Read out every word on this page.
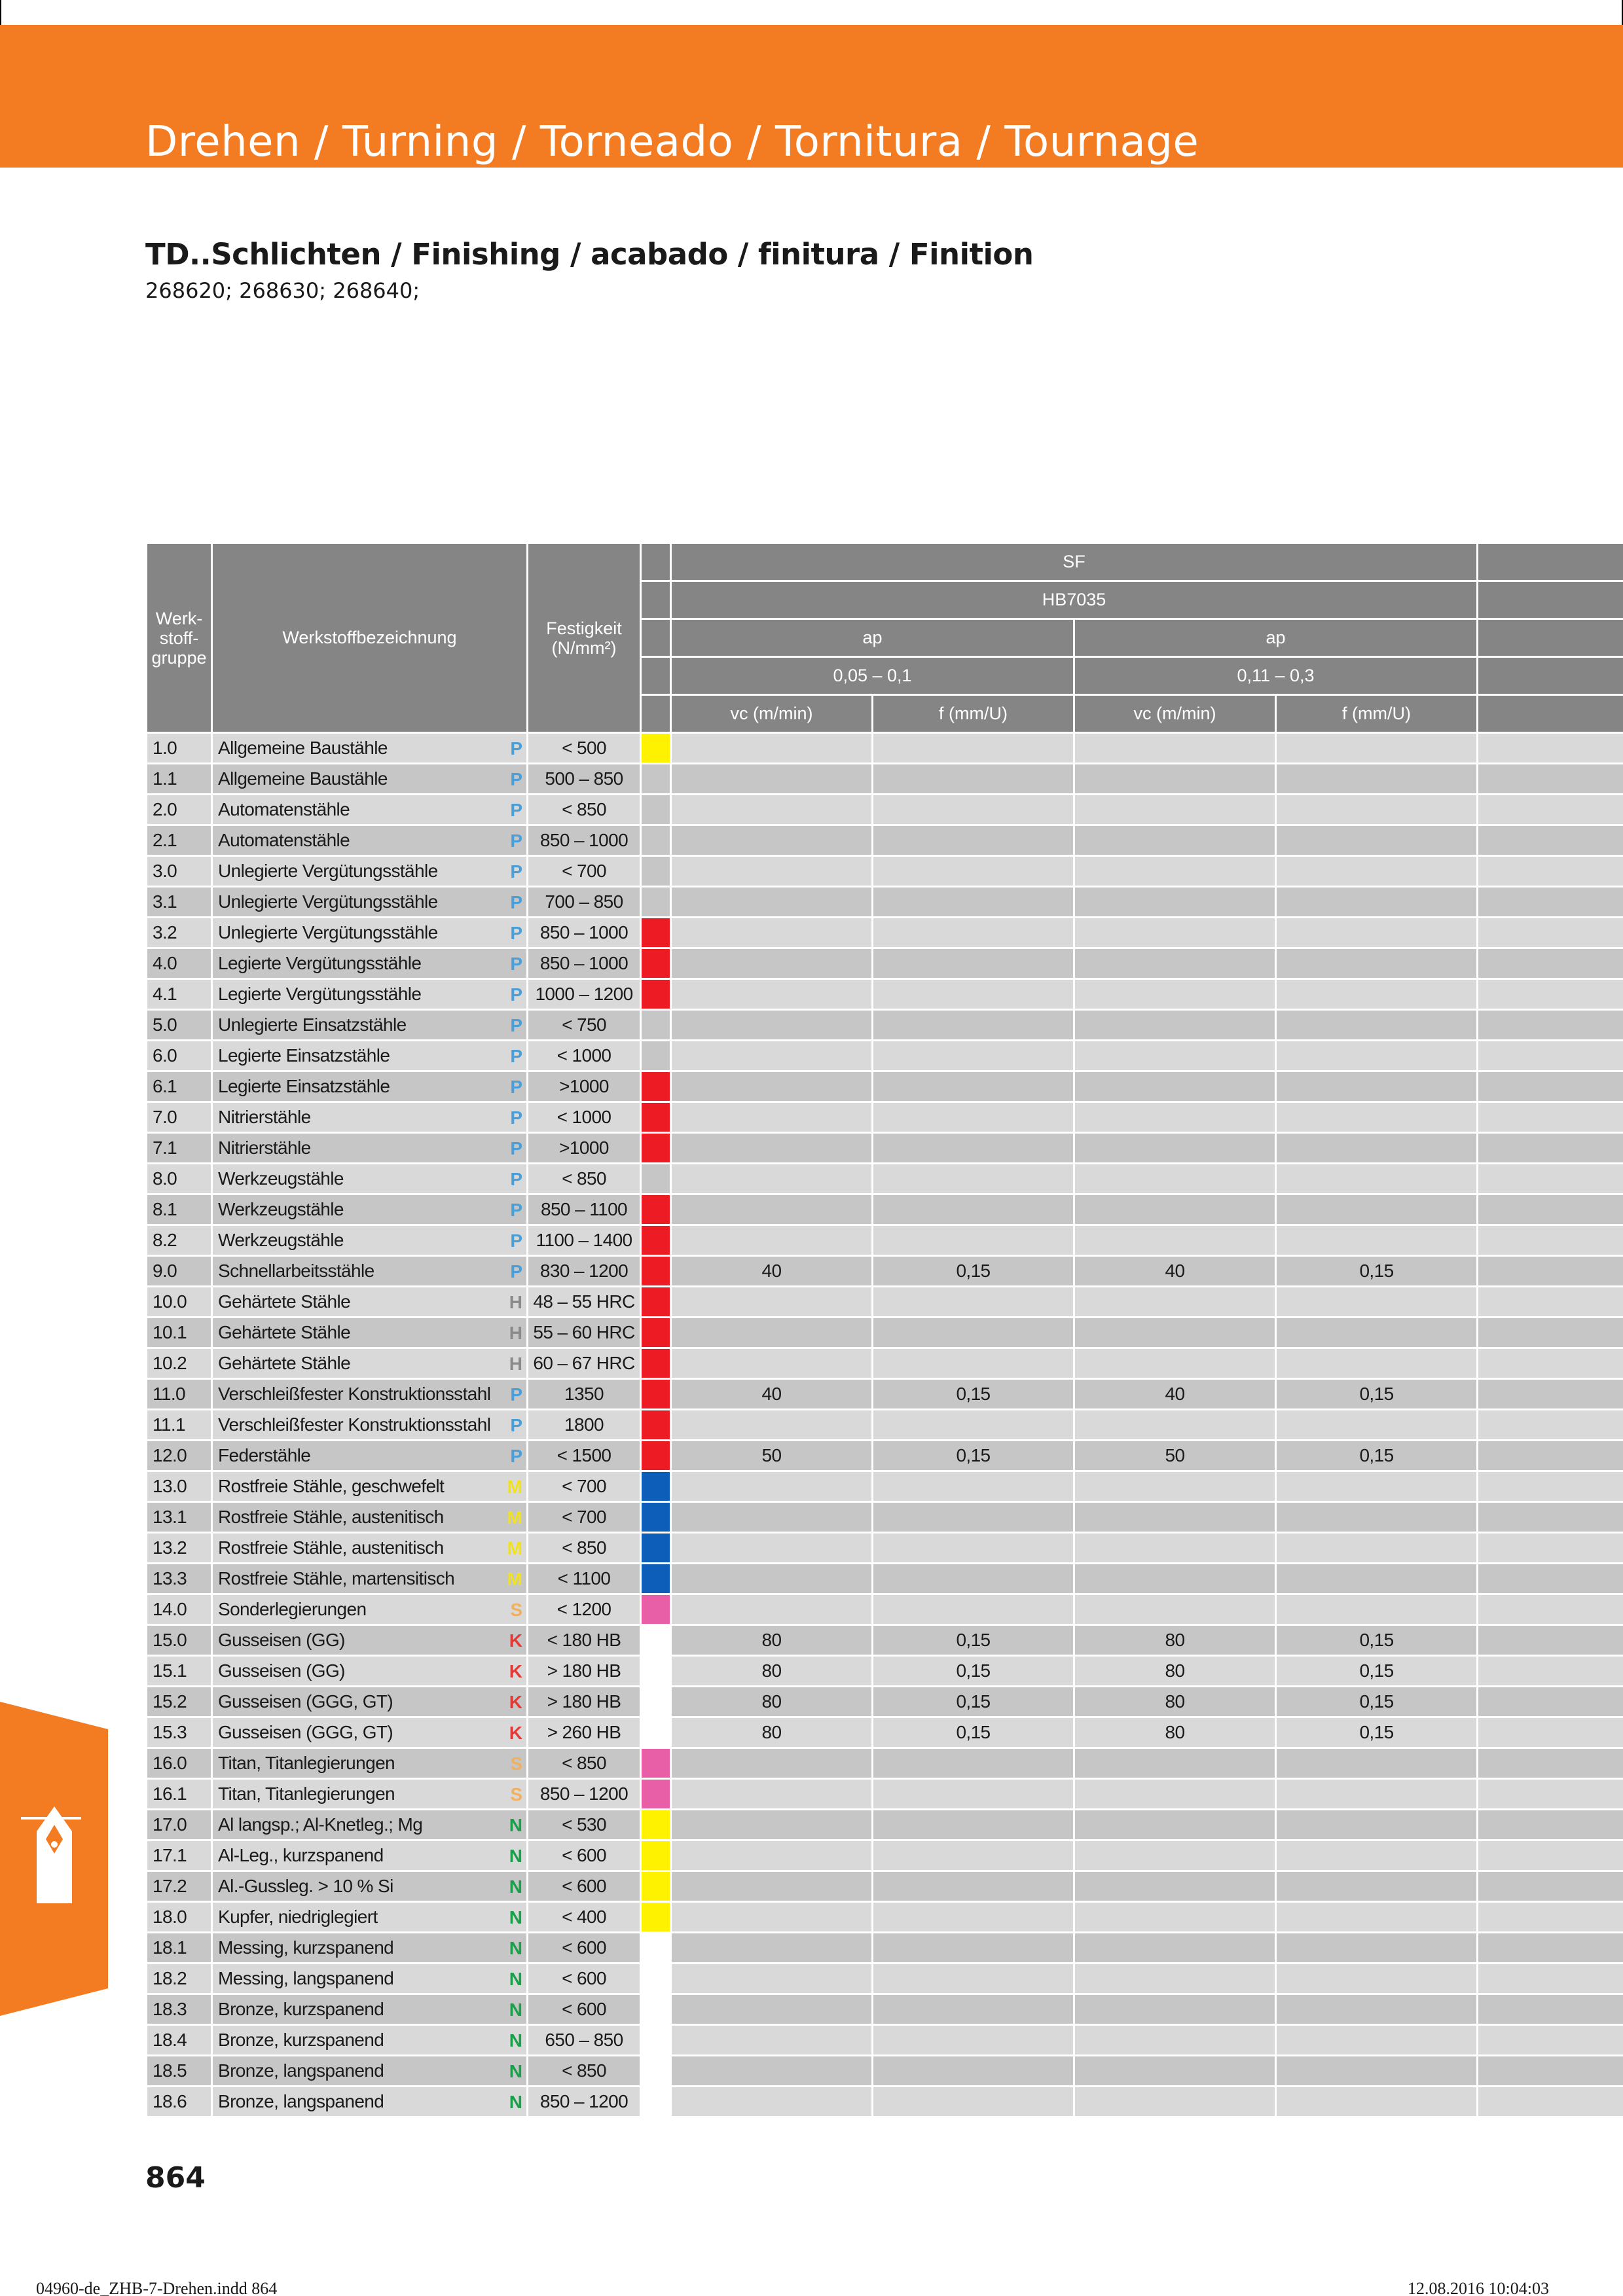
Drehen / Turning / Torneado / Tornitura / Tournage
TD..Schlichten / Finishing / acabado / finitura / Finition
268620; 268630; 268640;
Werk-stoff-gruppe	Werkstoffbezeichnung	Festigkeit (N/mm²)		SF				
				HB7035				
				ap		ap		
				0,05 – 0,1		0,11 – 0,3		
				vc (m/min)	f (mm/U)	vc (m/min)	f (mm/U)	
1.0	Allgemeine Baustähle P	< 500						
1.1	Allgemeine Baustähle P	500 – 850						
2.0	Automatenstähle P	< 850						
2.1	Automatenstähle P	850 – 1000						
3.0	Unlegierte Vergütungsstähle P	< 700						
3.1	Unlegierte Vergütungsstähle P	700 – 850						
3.2	Unlegierte Vergütungsstähle P	850 – 1000						
4.0	Legierte Vergütungsstähle P	850 – 1000						
4.1	Legierte Vergütungsstähle P	1000 – 1200						
5.0	Unlegierte Einsatzstähle P	< 750						
6.0	Legierte Einsatzstähle P	< 1000						
6.1	Legierte Einsatzstähle P	>1000						
7.0	Nitrierstähle P	< 1000						
7.1	Nitrierstähle P	>1000						
8.0	Werkzeugstähle P	< 850						
8.1	Werkzeugstähle P	850 – 1100						
8.2	Werkzeugstähle P	1100 – 1400						
9.0	Schnellarbeitsstähle P	830 – 1200		40	0,15	40	0,15	
10.0	Gehärtete Stähle H	48 – 55 HRC						
10.1	Gehärtete Stähle H	55 – 60 HRC						
10.2	Gehärtete Stähle H	60 – 67 HRC						
11.0	Verschleißfester Konstruktionsstahl P	1350		40	0,15	40	0,15	
11.1	Verschleißfester Konstruktionsstahl P	1800						
12.0	Federstähle P	< 1500		50	0,15	50	0,15	
13.0	Rostfreie Stähle, geschwefelt M	< 700						
13.1	Rostfreie Stähle, austenitisch M	< 700						
13.2	Rostfreie Stähle, austenitisch M	< 850						
13.3	Rostfreie Stähle, martensitisch M	< 1100						
14.0	Sonderlegierungen S	< 1200						
15.0	Gusseisen (GG) K	< 180 HB		80	0,15	80	0,15	
15.1	Gusseisen (GG) K	> 180 HB		80	0,15	80	0,15	
15.2	Gusseisen (GGG, GT) K	> 180 HB		80	0,15	80	0,15	
15.3	Gusseisen (GGG, GT) K	> 260 HB		80	0,15	80	0,15	
16.0	Titan, Titanlegierungen S	< 850						
16.1	Titan, Titanlegierungen S	850 – 1200						
17.0	Al langsp.; Al-Knetleg.; Mg N	< 530						
17.1	Al-Leg., kurzspanend N	< 600						
17.2	Al.-Gussleg. > 10 % Si N	< 600						
18.0	Kupfer, niedriglegiert N	< 400						
18.1	Messing, kurzspanend N	< 600						
18.2	Messing, langspanend N	< 600						
18.3	Bronze, kurzspanend N	< 600						
18.4	Bronze, kurzspanend N	650 – 850						
18.5	Bronze, langspanend N	< 850						
18.6	Bronze, langspanend N	850 – 1200						
864
04960-de_ZHB-7-Drehen.indd 864	12.08.2016 10:04:03
